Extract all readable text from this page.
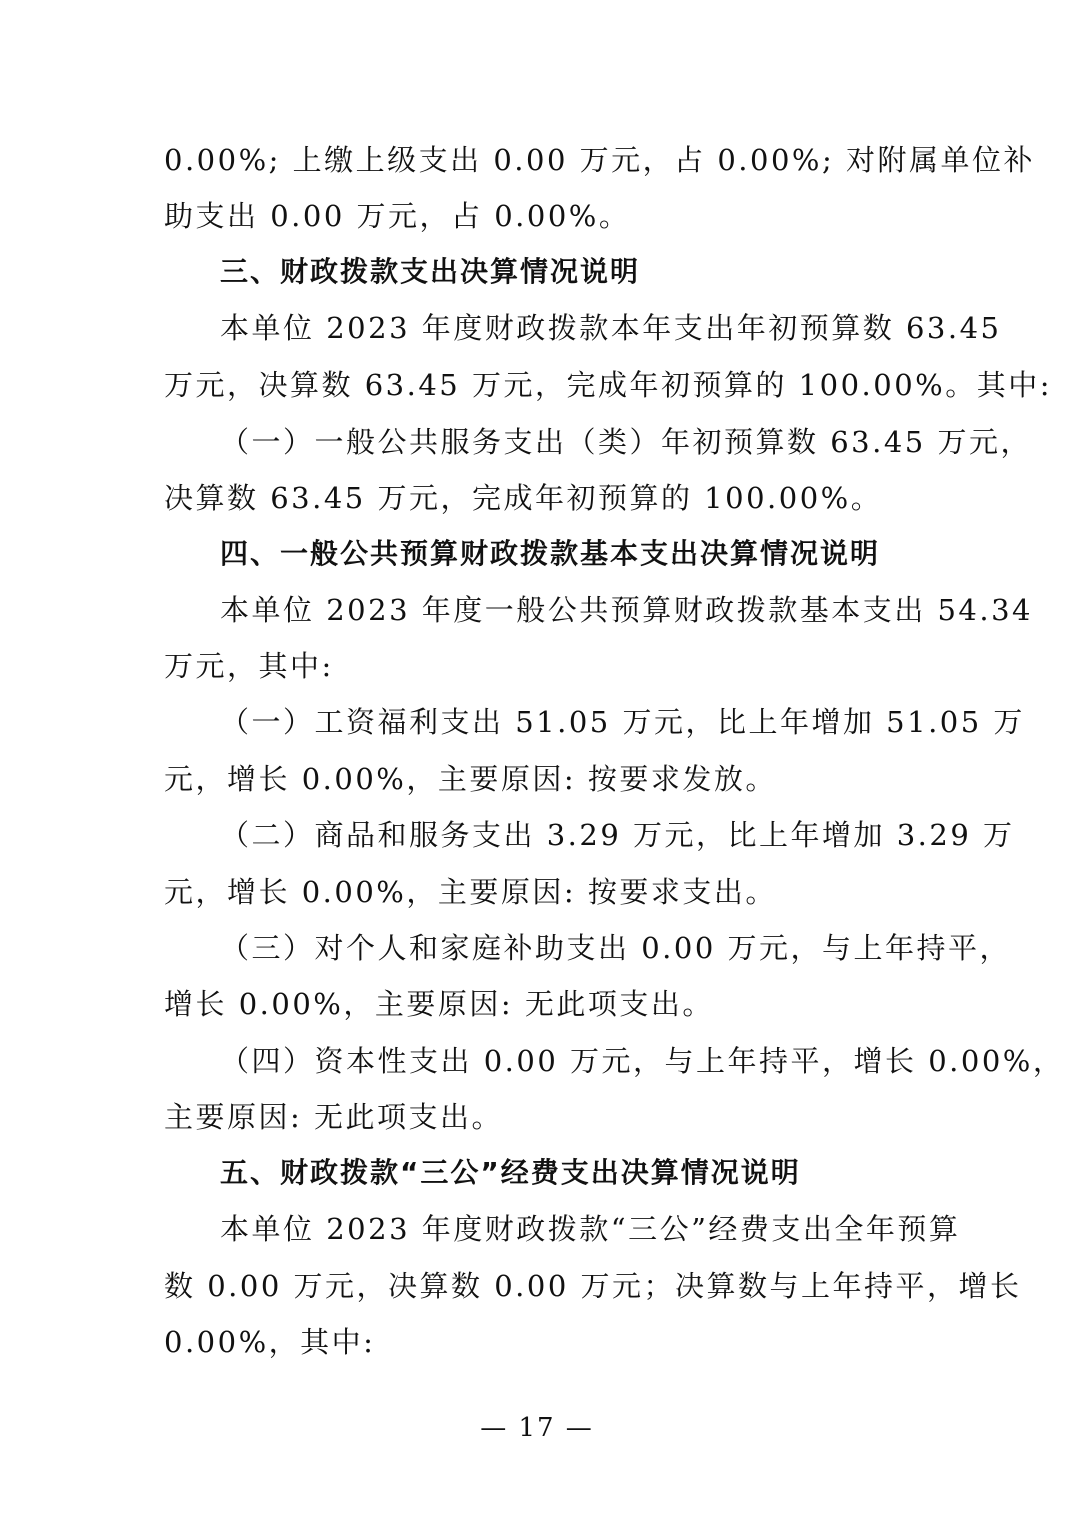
0.00%; 上缴上级支出 0.00 万元，占 0.00%; 对附属单位补
助支出 0.00 万元，占 0.00%。
三、财政拨款支出决算情况说明
本单位 2023 年度财政拨款本年支出年初预算数 63.45
万元，决算数 63.45 万元，完成年初预算的 100.00%。其中:
（一）一般公共服务支出（类）年初预算数 63.45 万元，
决算数 63.45 万元，完成年初预算的 100.00%。
四、一般公共预算财政拨款基本支出决算情况说明
本单位 2023 年度一般公共预算财政拨款基本支出 54.34
万元，其中:
（一）工资福利支出 51.05 万元，比上年增加 51.05 万
元，增长 0.00%，主要原因: 按要求发放。
（二）商品和服务支出 3.29 万元，比上年增加 3.29 万
元，增长 0.00%，主要原因: 按要求支出。
（三）对个人和家庭补助支出 0.00 万元，与上年持平，
增长 0.00%，主要原因: 无此项支出。
（四）资本性支出 0.00 万元，与上年持平，增长 0.00%，
主要原因: 无此项支出。
五、财政拨款“三公”经费支出决算情况说明
本单位 2023 年度财政拨款“三公”经费支出全年预算
数 0.00 万元，决算数 0.00 万元；决算数与上年持平，增长
0.00%，其中:
— 17 —
